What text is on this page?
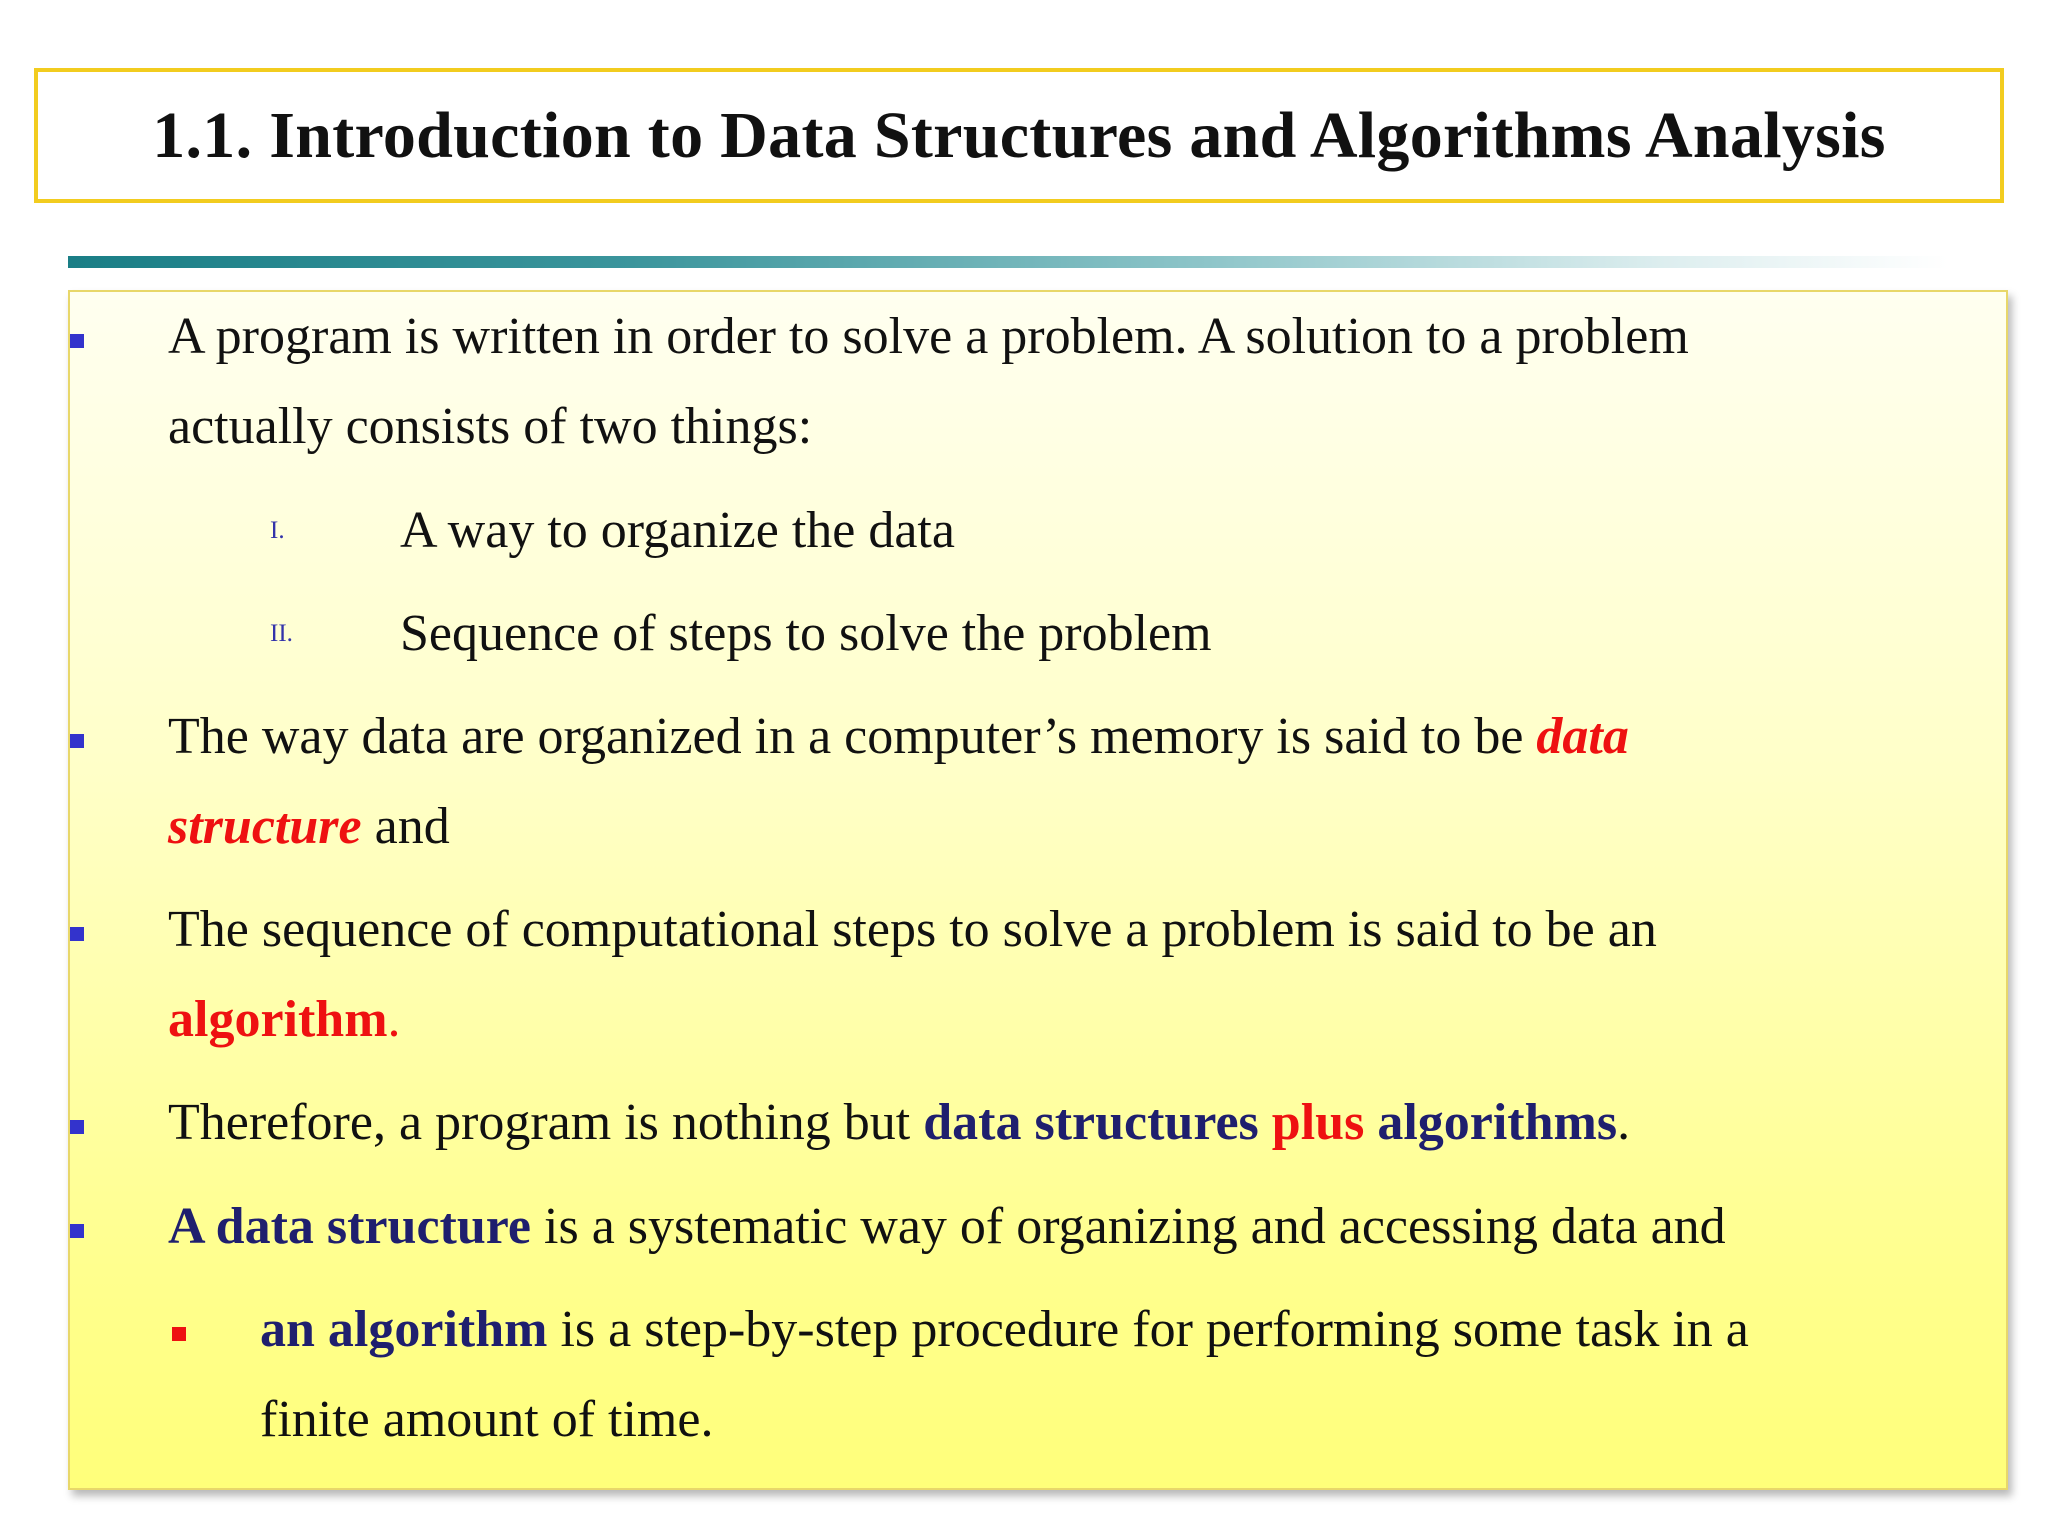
1.1. Introduction to Data Structures and Algorithms Analysis
A program is written in order to solve a problem. A solution to a problem
actually consists of two things:
I. A way to organize the data
II. Sequence of steps to solve the problem
The way data are organized in a computer’s memory is said to be data
structure and
The sequence of computational steps to solve a problem is said to be an
algorithm.
Therefore, a program is nothing but data structures plus algorithms.
A data structure is a systematic way of organizing and accessing data and
an algorithm is a step-by-step procedure for performing some task in a
finite amount of time.
